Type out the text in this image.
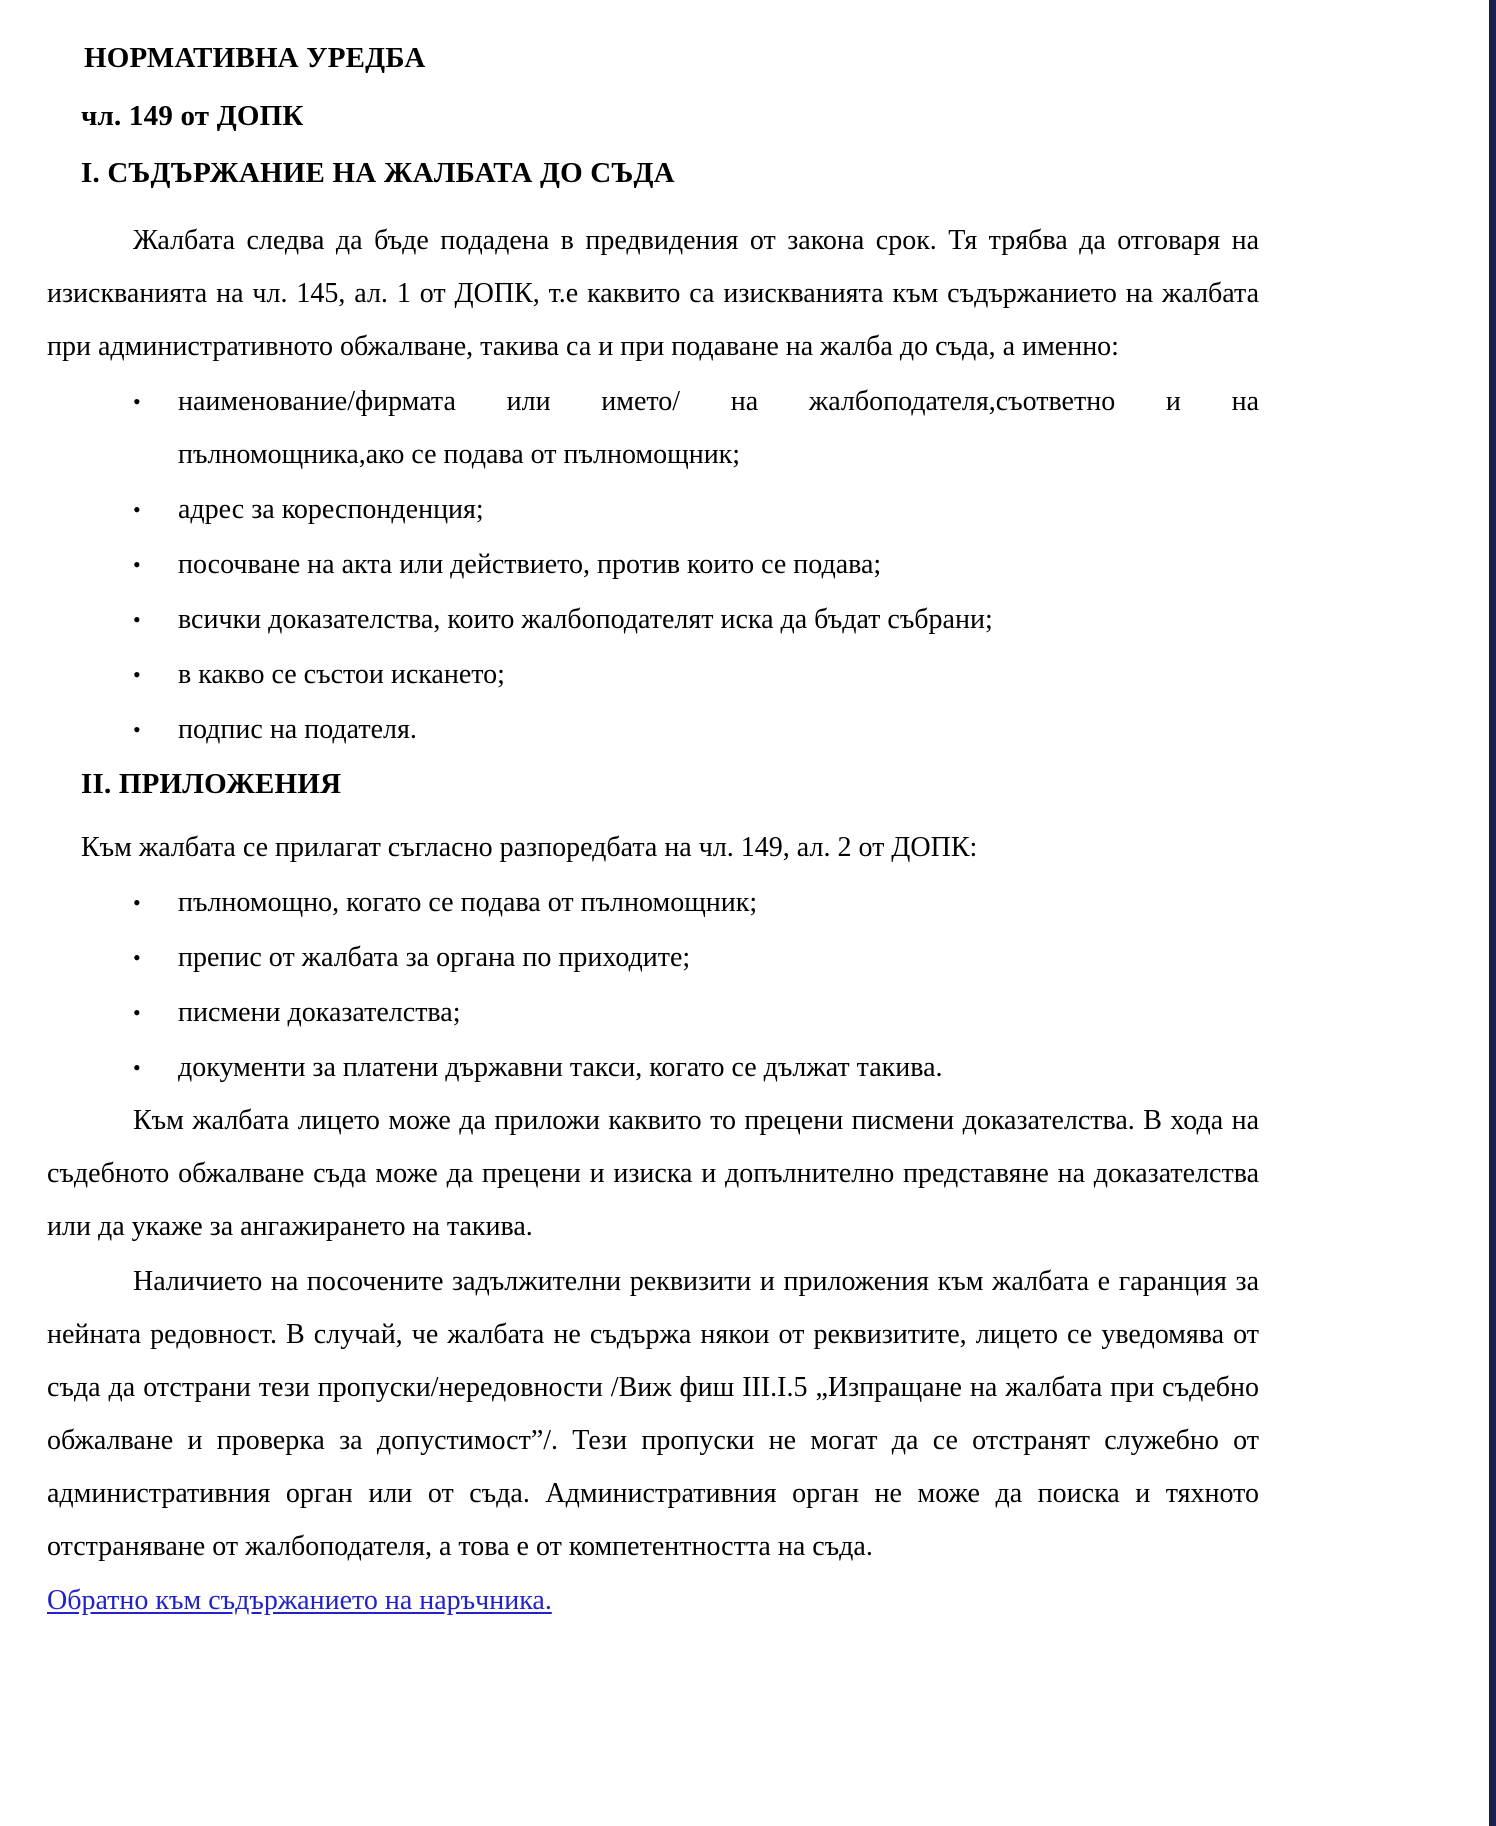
НОРМАТИВНА УРЕДБА
чл. 149 от ДОПК
I. СЪДЪРЖАНИЕ НА ЖАЛБАТА ДО СЪДА

Жалбата следва да бъде подадена в предвидения от закона срок. Тя трябва да отговаря на изискванията на чл. 145, ал. 1 от ДОПК, т.е каквито са изискванията към съдържанието на жалбата при административното обжалване, такива са и при подаване на жалба до съда, а именно:

• наименование/фирмата или името/ на жалбоподателя,съответно и на
пълномощника,ако се подава от пълномощник;
• адрес за кореспонденция;
• посочване на акта или действието, против които се подава;
• всички доказателства, които жалбоподателят иска да бъдат събрани;
• в какво се състои искането;
• подпис на подателя.
II. ПРИЛОЖЕНИЯ

Към жалбата се прилагат съгласно разпоредбата на чл. 149, ал. 2 от ДОПК:

• пълномощно, когато се подава от пълномощник;
• препис от жалбата за органа по приходите;
• писмени доказателства;
• документи за платени държавни такси, когато се дължат такива.

Към жалбата лицето може да приложи каквито то прецени писмени доказателства. В хода на съдебното обжалване съда може да прецени и изиска и допълнително представяне на доказателства или да укаже за ангажирането на такива.

Наличието на посочените задължителни реквизити и приложения към жалбата е гаранция за нейната редовност. В случай, че жалбата не съдържа някои от реквизитите, лицето се уведомява от съда да отстрани тези пропуски/нередовности /Виж фиш III.I.5 „Изпращане на жалбата при съдебно обжалване и проверка за допустимост”/. Тези пропуски не могат да се отстранят служебно от административния орган или от съда. Административния орган не може да поиска и тяхното отстраняване от жалбоподателя, а това е от компетентността на съда.

Обратно към съдържанието на наръчника.
